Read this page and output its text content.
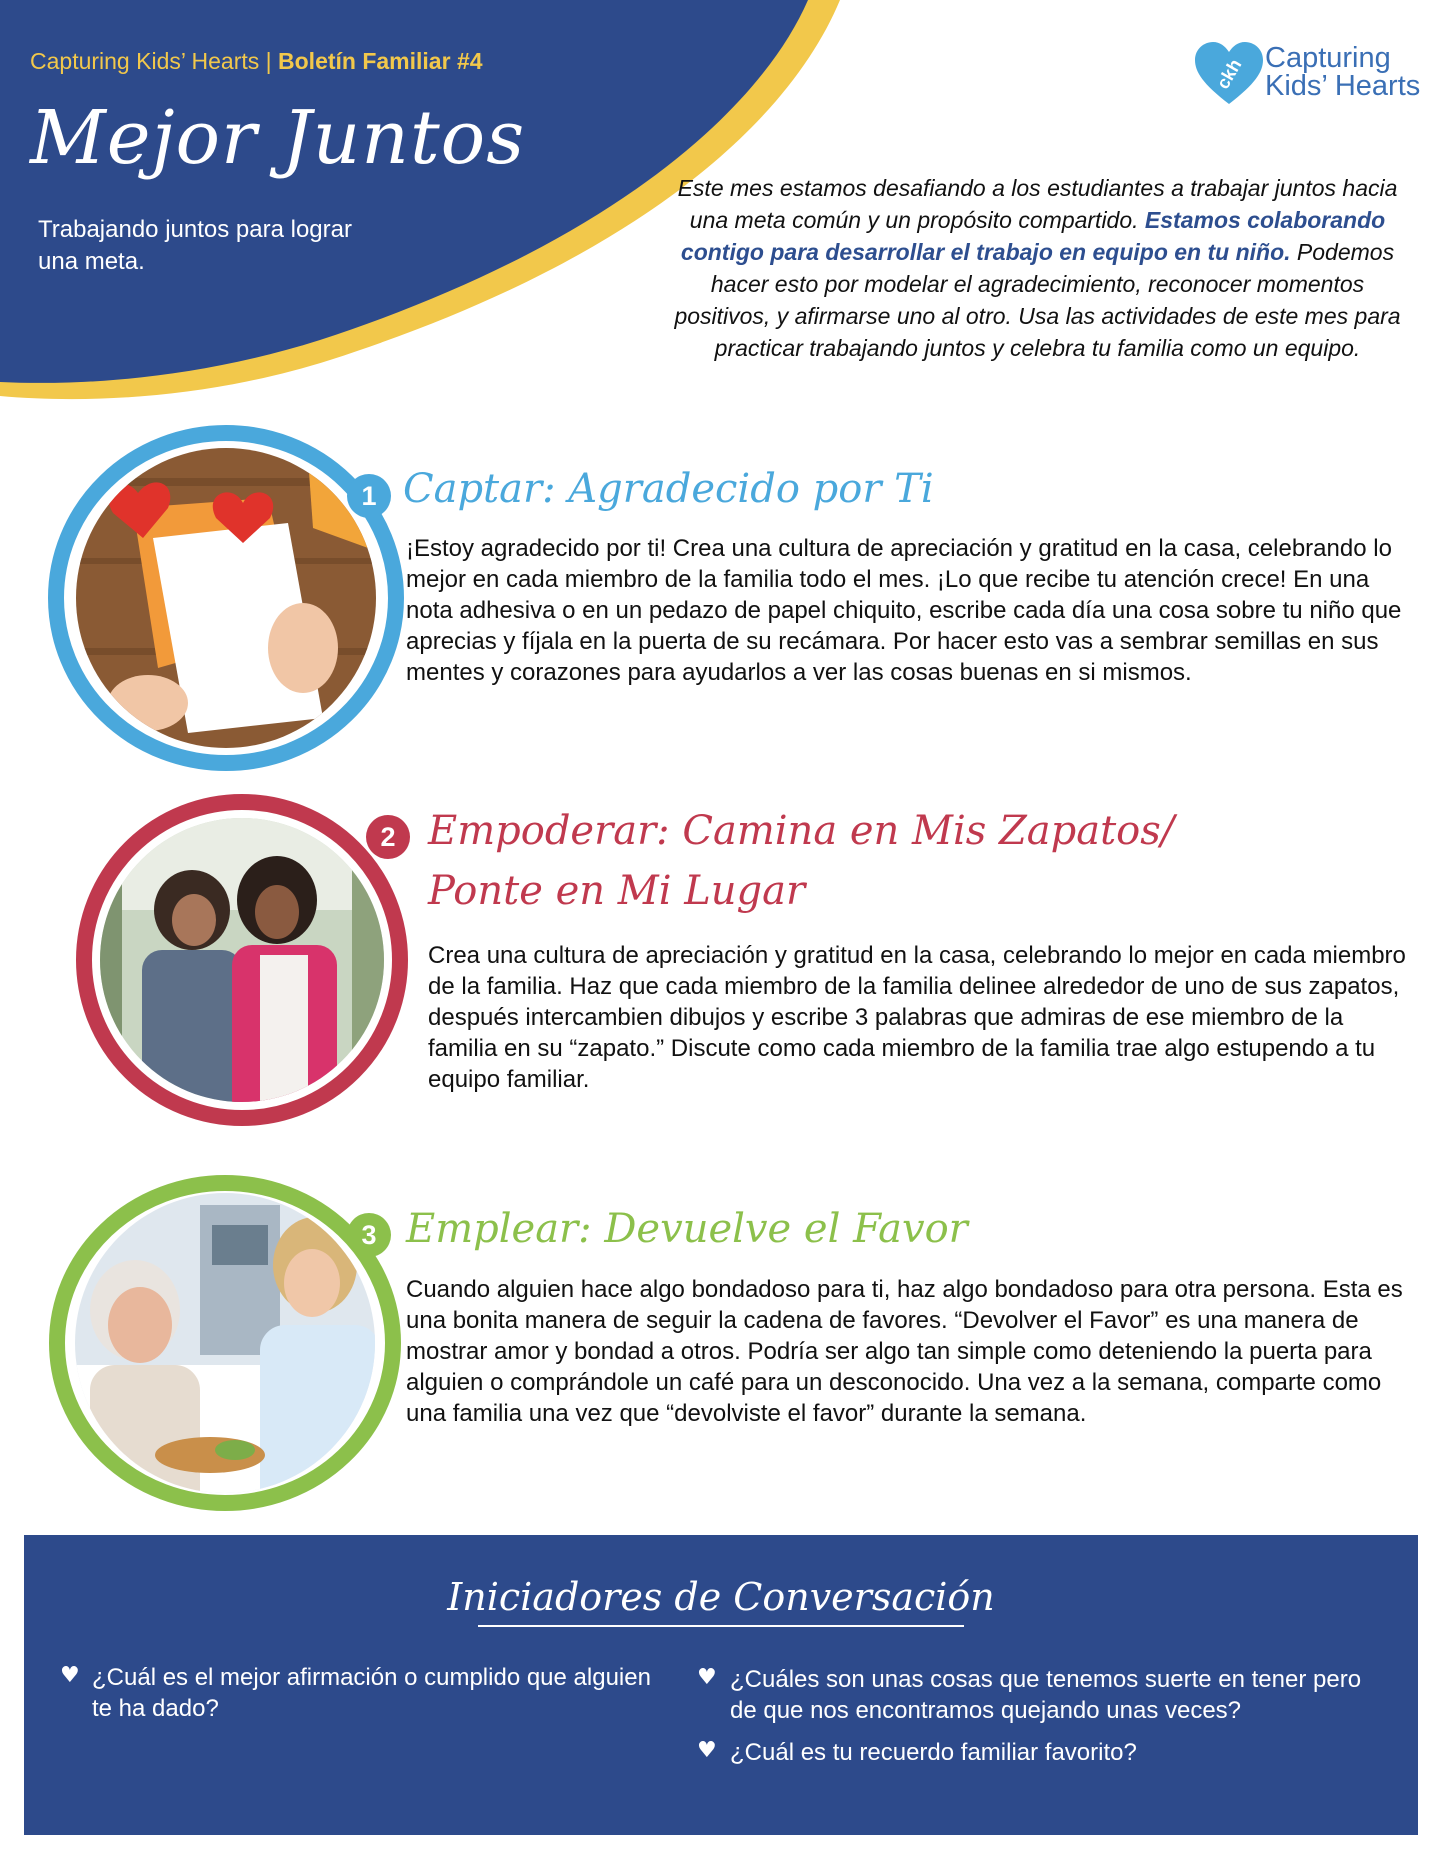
Capturing Kids’ Hearts | Boletín Familiar #4
Mejor Juntos
Trabajando juntos para lograr una meta.
ckh Capturing
Kids’ Hearts
Este mes estamos desafiando a los estudiantes a trabajar juntos hacia una meta común y un propósito compartido. Estamos colaborando contigo para desarrollar el trabajo en equipo en tu niño. Podemos hacer esto por modelar el agradecimiento, reconocer momentos positivos, y afirmarse uno al otro. Usa las actividades de este mes para practicar trabajando juntos y celebra tu familia como un equipo.
1 Captar: Agradecido por Ti
¡Estoy agradecido por ti! Crea una cultura de apreciación y gratitud en la casa, celebrando lo mejor en cada miembro de la familia todo el mes. ¡Lo que recibe tu atención crece! En una nota adhesiva o en un pedazo de papel chiquito, escribe cada día una cosa sobre tu niño que aprecias y fíjala en la puerta de su recámara. Por hacer esto vas a sembrar semillas en sus mentes y corazones para ayudarlos a ver las cosas buenas en si mismos.
2 Empoderar: Camina en Mis Zapatos/
Ponte en Mi Lugar
Crea una cultura de apreciación y gratitud en la casa, celebrando lo mejor en cada miembro de la familia. Haz que cada miembro de la familia delinee alrededor de uno de sus zapatos, después intercambien dibujos y escribe 3 palabras que admiras de ese miembro de la familia en su “zapato.” Discute como cada miembro de la familia trae algo estupendo a tu equipo familiar.
3 Emplear: Devuelve el Favor
Cuando alguien hace algo bondadoso para ti, haz algo bondadoso para otra persona. Esta es una bonita manera de seguir la cadena de favores. “Devolver el Favor” es una manera de mostrar amor y bondad a otros. Podría ser algo tan simple como deteniendo la puerta para alguien o comprándole un café para un desconocido. Una vez a la semana, comparte como una familia una vez que “devolviste el favor” durante la semana.
Iniciadores de Conversación
♥ ¿Cuál es el mejor afirmación o cumplido que alguien te ha dado?
♥ ¿Cuáles son unas cosas que tenemos suerte en tener pero de que nos encontramos quejando unas veces?
♥ ¿Cuál es tu recuerdo familiar favorito?
